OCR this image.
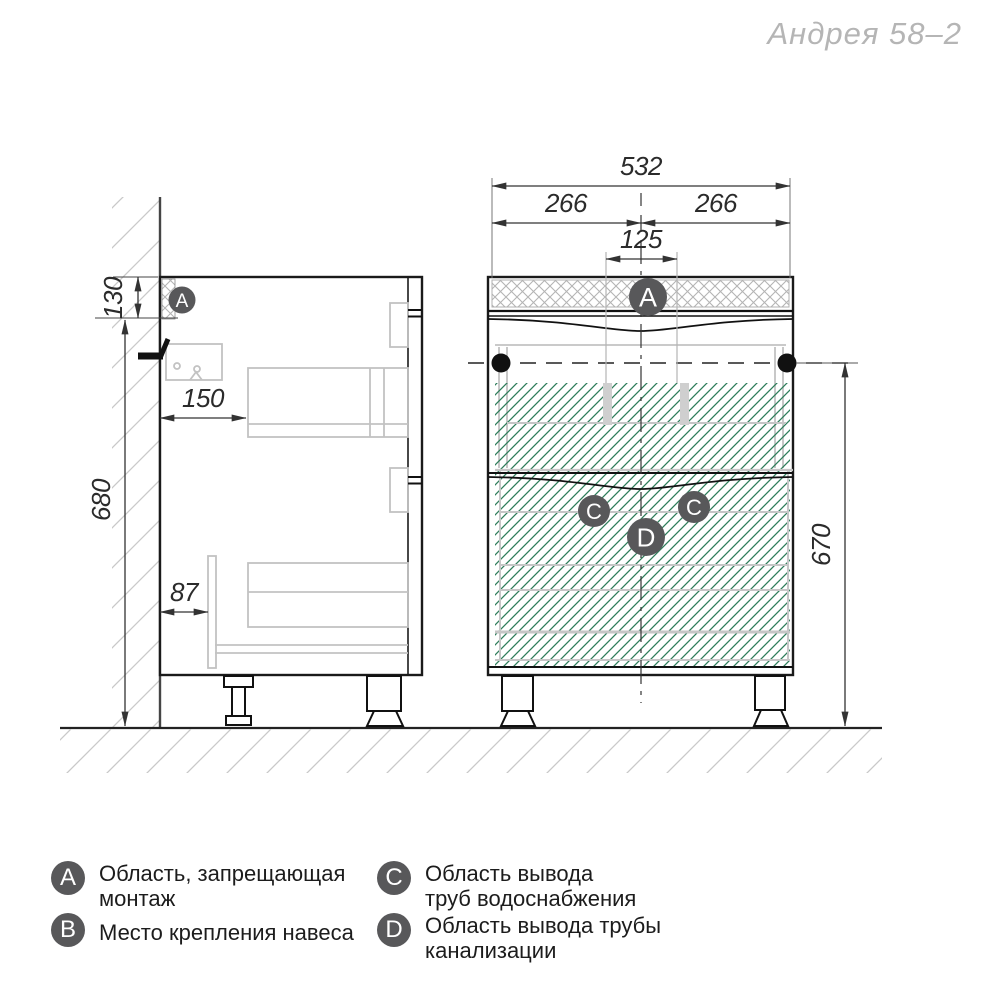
Андрея 58–2
A
130
680
150
87
A
C	C
D
532
266	266
125
670
A Область, запрещающая
монтаж
B Место крепления навеса
C Область вывода
труб водоснабжения
D Область вывода трубы
канализации
